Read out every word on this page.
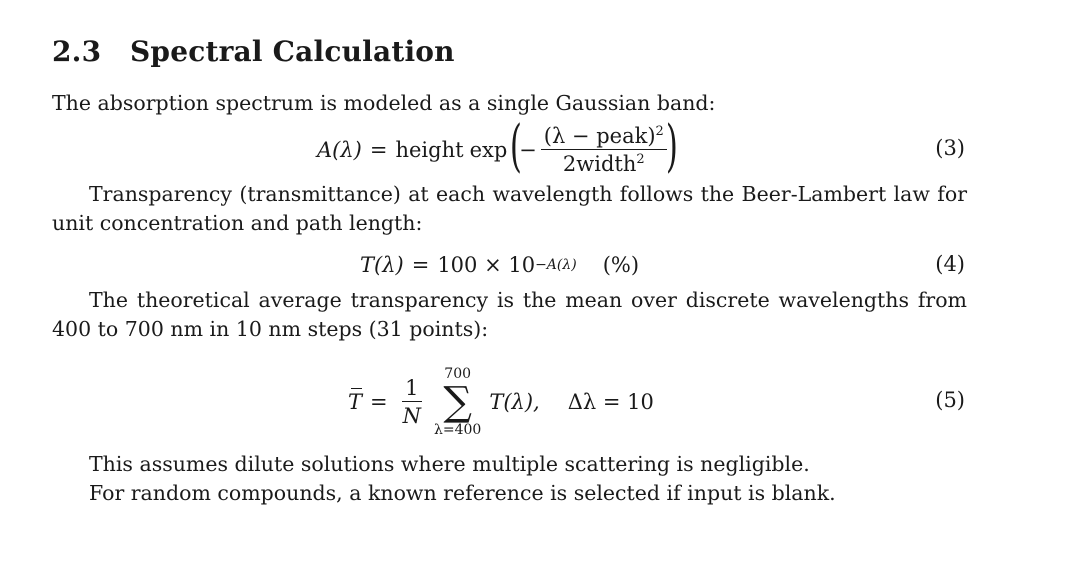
2.3 Spectral Calculation

The absorption spectrum is modeled as a single Gaussian band:

A(λ) = height exp (
− $\frac{(\lambda - peak)^2}{2width^2}$
)	(3)

Transparency (transmittance) at each wavelength follows the Beer-Lambert law for unit concentration and path length:

T(λ) = 100 × 10 −A(λ) (%)	(4)

The theoretical average transparency is the mean over discrete wavelengths from 400 to 700 nm in 10 nm steps (31 points):

$T = \frac{1}{N}$
700
∑
λ=400
T(λ), Δλ = 10	(5)

This assumes dilute solutions where multiple scattering is negligible.

For random compounds, a known reference is selected if input is blank.
